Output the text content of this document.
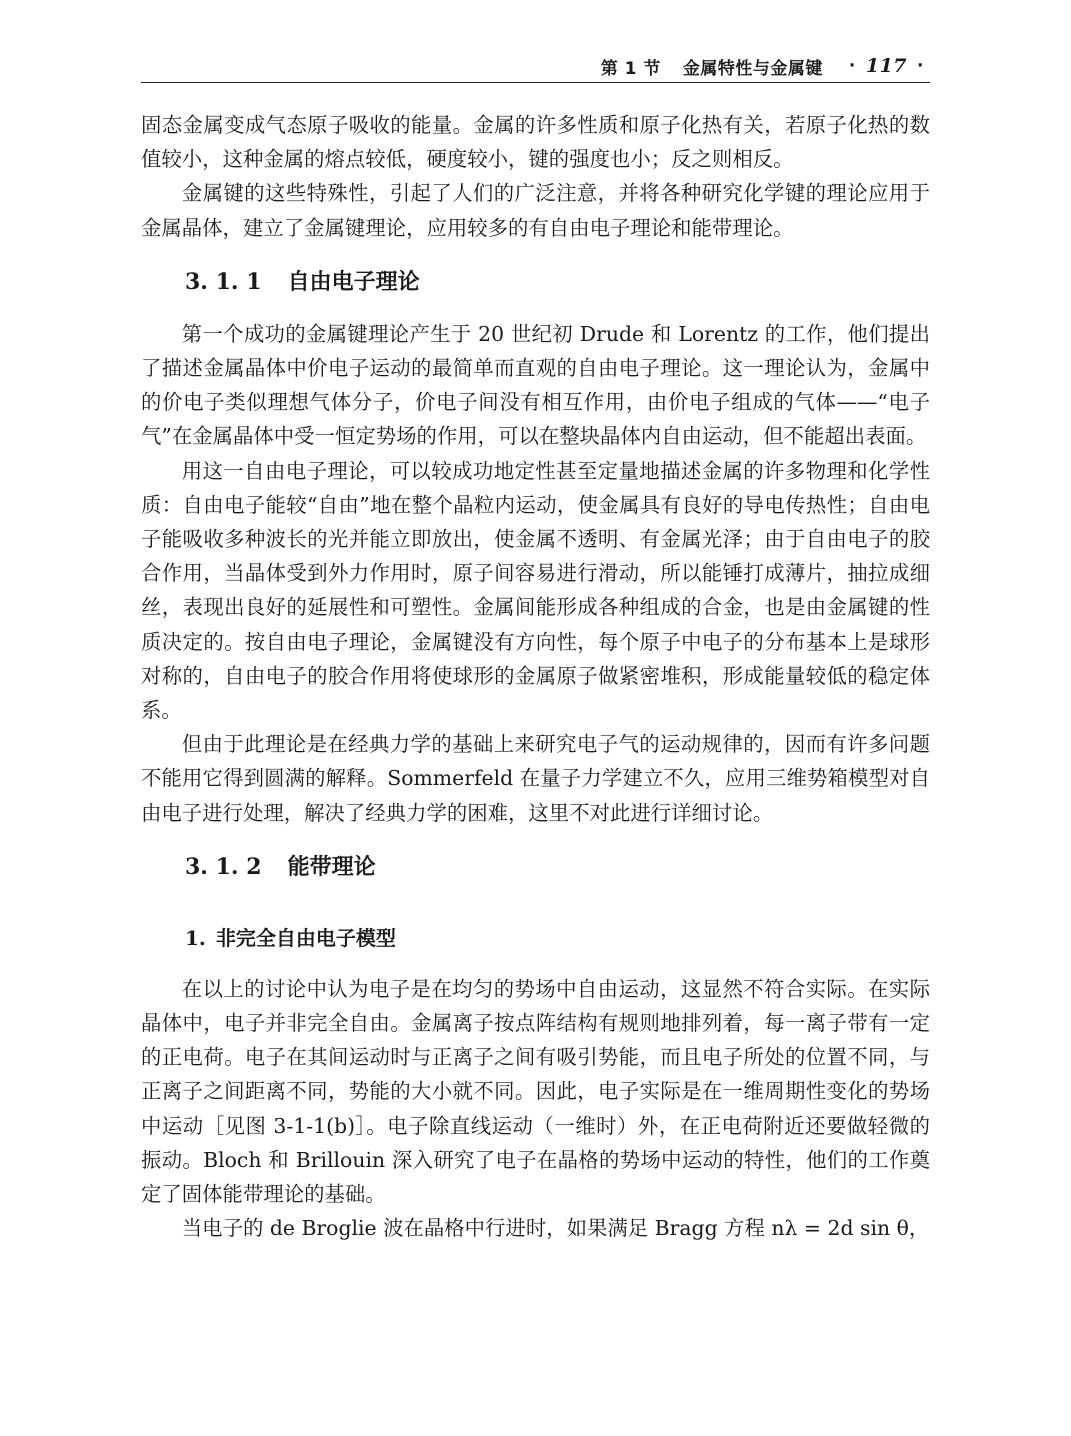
第 1 节 金属特性与金属键 · 117 ·

固态金属变成气态原子吸收的能量。金属的许多性质和原子化热有关，若原子化热的数值较小，这种金属的熔点较低，硬度较小，键的强度也小；反之则相反。

金属键的这些特殊性，引起了人们的广泛注意，并将各种研究化学键的理论应用于金属晶体，建立了金属键理论，应用较多的有自由电子理论和能带理论。

3. 1. 1 自由电子理论

第一个成功的金属键理论产生于 20 世纪初 Drude 和 Lorentz 的工作，他们提出了描述金属晶体中价电子运动的最简单而直观的自由电子理论。这一理论认为，金属中的价电子类似理想气体分子，价电子间没有相互作用，由价电子组成的气体——“电子气”在金属晶体中受一恒定势场的作用，可以在整块晶体内自由运动，但不能超出表面。

用这一自由电子理论，可以较成功地定性甚至定量地描述金属的许多物理和化学性质：自由电子能较“自由”地在整个晶粒内运动，使金属具有良好的导电传热性；自由电子能吸收多种波长的光并能立即放出，使金属不透明、有金属光泽；由于自由电子的胶合作用，当晶体受到外力作用时，原子间容易进行滑动，所以能锤打成薄片，抽拉成细丝，表现出良好的延展性和可塑性。金属间能形成各种组成的合金，也是由金属键的性质决定的。按自由电子理论，金属键没有方向性，每个原子中电子的分布基本上是球形对称的，自由电子的胶合作用将使球形的金属原子做紧密堆积，形成能量较低的稳定体系。

但由于此理论是在经典力学的基础上来研究电子气的运动规律的，因而有许多问题不能用它得到圆满的解释。Sommerfeld 在量子力学建立不久，应用三维势箱模型对自由电子进行处理，解决了经典力学的困难，这里不对此进行详细讨论。

3. 1. 2 能带理论
1. 非完全自由电子模型

在以上的讨论中认为电子是在均匀的势场中自由运动，这显然不符合实际。在实际晶体中，电子并非完全自由。金属离子按点阵结构有规则地排列着，每一离子带有一定的正电荷。电子在其间运动时与正离子之间有吸引势能，而且电子所处的位置不同，与正离子之间距离不同，势能的大小就不同。因此，电子实际是在一维周期性变化的势场中运动［见图 3-1-1(b)］。电子除直线运动（一维时）外，在正电荷附近还要做轻微的振动。Bloch 和 Brillouin 深入研究了电子在晶格的势场中运动的特性，他们的工作奠定了固体能带理论的基础。

当电子的 de Broglie 波在晶格中行进时，如果满足 Bragg 方程 nλ = 2d sin θ，
